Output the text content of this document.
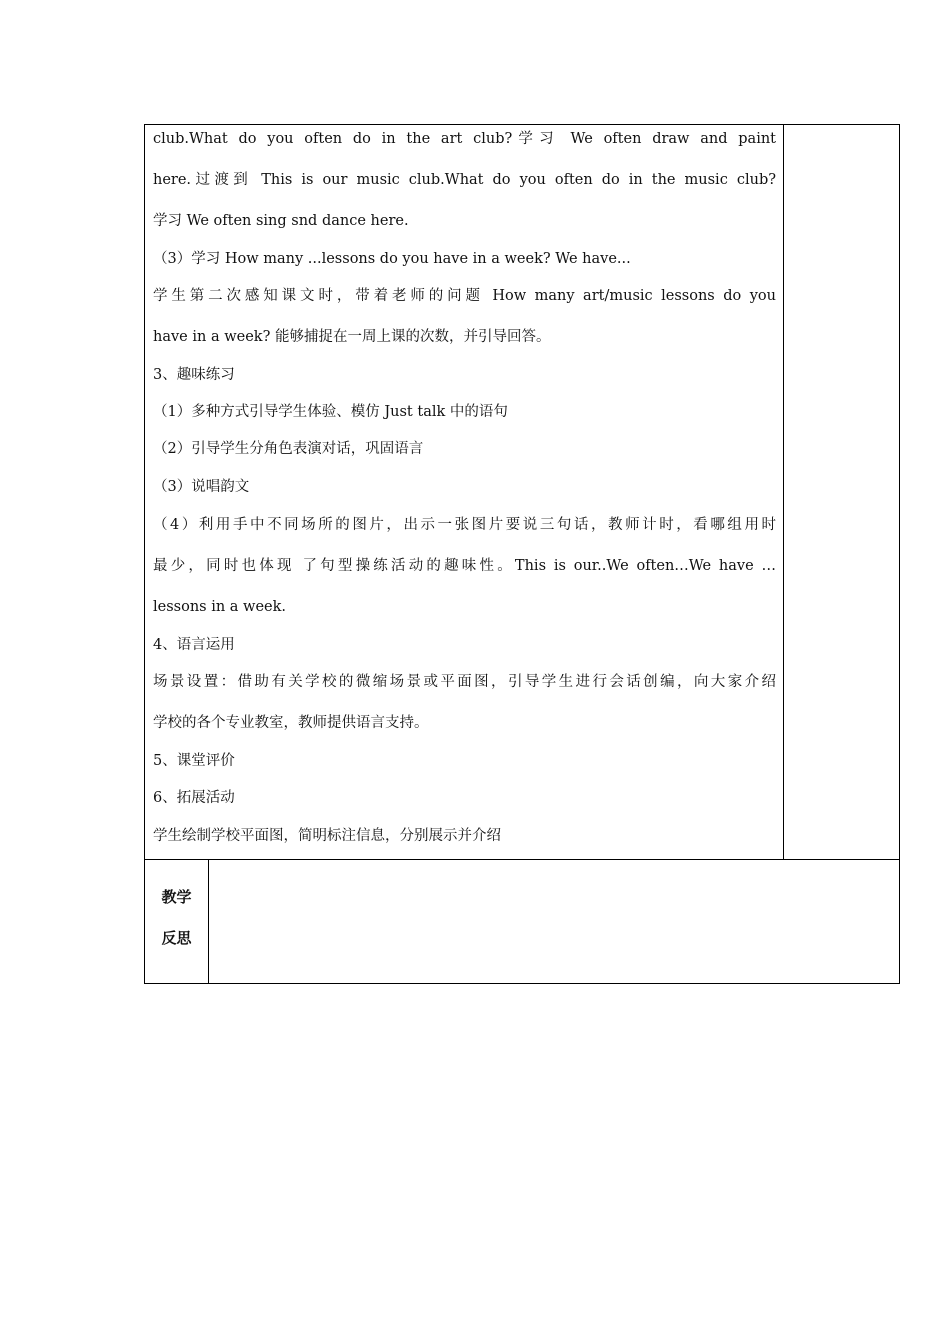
club.What do you often do in the art club?学习 We often draw and paint
here.过渡到 This is our music club.What do you often do in the music club?
学习 We often sing snd dance here.
（3）学习 How many ...lessons do you have in a week? We have...
学生第二次感知课文时，带着老师的问题 How many art/music lessons do you
have in a week? 能够捕捉在一周上课的次数，并引导回答。
3、趣味练习
（1）多种方式引导学生体验、模仿 Just talk 中的语句
（2）引导学生分角色表演对话，巩固语言
（3）说唱韵文
（4）利用手中不同场所的图片，出示一张图片要说三句话，教师计时，看哪组用时
最少，同时也体现 了句型操练活动的趣味性。This is our..We often…We have …
lessons in a week.
4、语言运用
场景设置：借助有关学校的微缩场景或平面图，引导学生进行会话创编，向大家介绍
学校的各个专业教室，教师提供语言支持。
5、课堂评价
6、拓展活动
学生绘制学校平面图，简明标注信息，分别展示并介绍
教学
反思
